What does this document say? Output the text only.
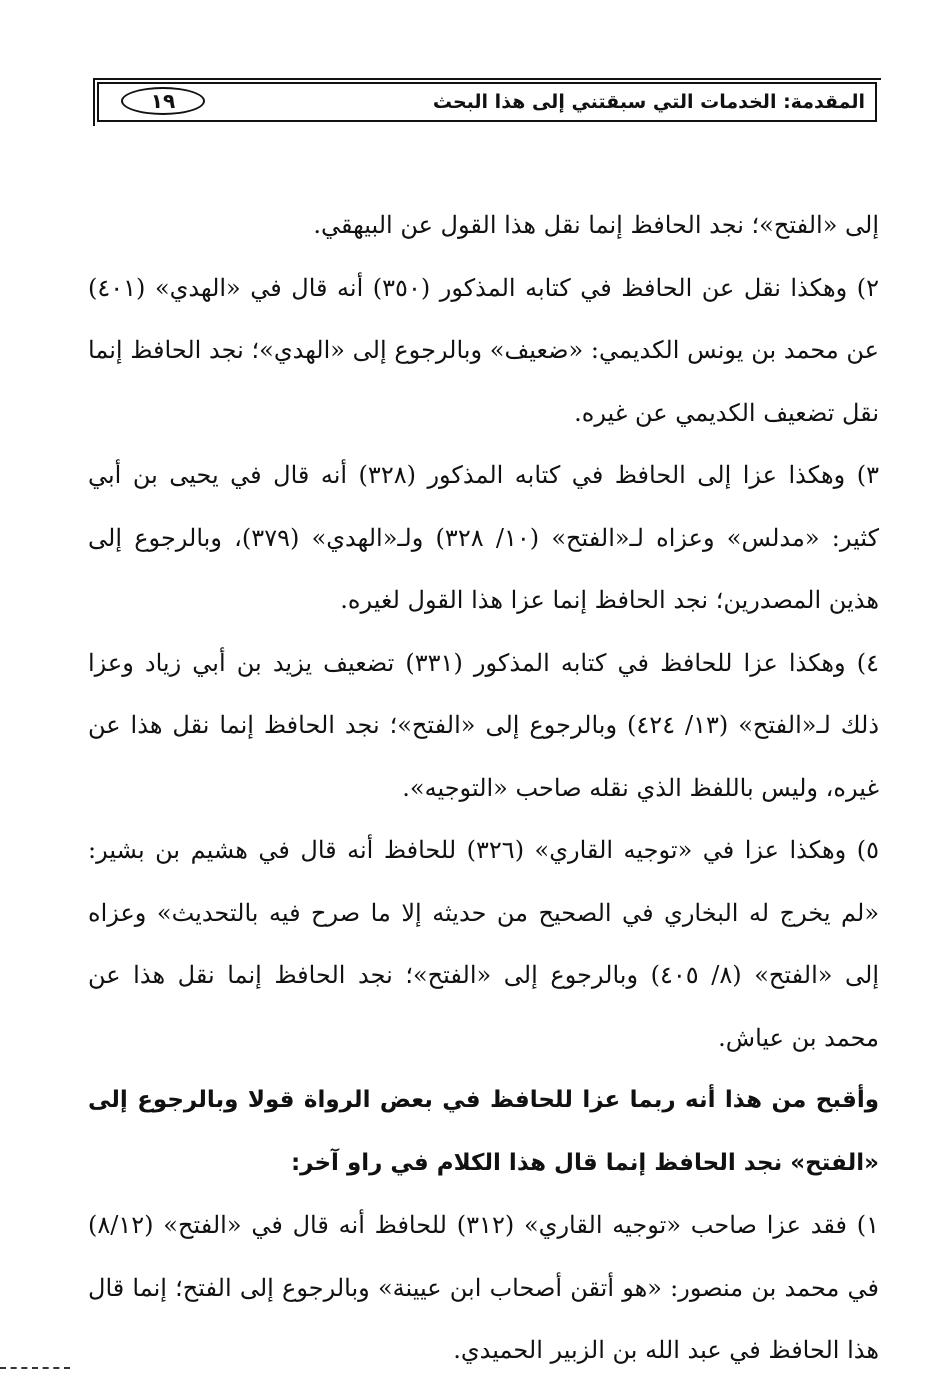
المقدمة: الخدمات التي سبقتني إلى هذا البحث
١٩

إلى «الفتح»؛ نجد الحافظ إنما نقل هذا القول عن البيهقي.

٢) وهكذا نقل عن الحافظ في كتابه المذكور (٣٥٠) أنه قال في «الهدي» (٤٠١) عن محمد بن يونس الكديمي: «ضعيف» وبالرجوع إلى «الهدي»؛ نجد الحافظ إنما نقل تضعيف الكديمي عن غيره.

٣) وهكذا عزا إلى الحافظ في كتابه المذكور (٣٢٨) أنه قال في يحيى بن أبي كثير: «مدلس» وعزاه لـ«الفتح» (١٠/ ٣٢٨) ولـ«الهدي» (٣٧٩)، وبالرجوع إلى هذين المصدرين؛ نجد الحافظ إنما عزا هذا القول لغيره.

٤) وهكذا عزا للحافظ في كتابه المذكور (٣٣١) تضعيف يزيد بن أبي زياد وعزا ذلك لـ«الفتح» (١٣/ ٤٢٤) وبالرجوع إلى «الفتح»؛ نجد الحافظ إنما نقل هذا عن غيره، وليس باللفظ الذي نقله صاحب «التوجيه».

٥) وهكذا عزا في «توجيه القاري» (٣٢٦) للحافظ أنه قال في هشيم بن بشير: «لم يخرج له البخاري في الصحيح من حديثه إلا ما صرح فيه بالتحديث» وعزاه إلى «الفتح» (٨/ ٤٠٥) وبالرجوع إلى «الفتح»؛ نجد الحافظ إنما نقل هذا عن محمد بن عياش.

وأقبح من هذا أنه ربما عزا للحافظ في بعض الرواة قولا وبالرجوع إلى «الفتح» نجد الحافظ إنما قال هذا الكلام في راو آخر:

١) فقد عزا صاحب «توجيه القاري» (٣١٢) للحافظ أنه قال في «الفتح» (٨/١٢) في محمد بن منصور: «هو أتقن أصحاب ابن عيينة» وبالرجوع إلى الفتح؛ إنما قال هذا الحافظ في عبد الله بن الزبير الحميدي.
